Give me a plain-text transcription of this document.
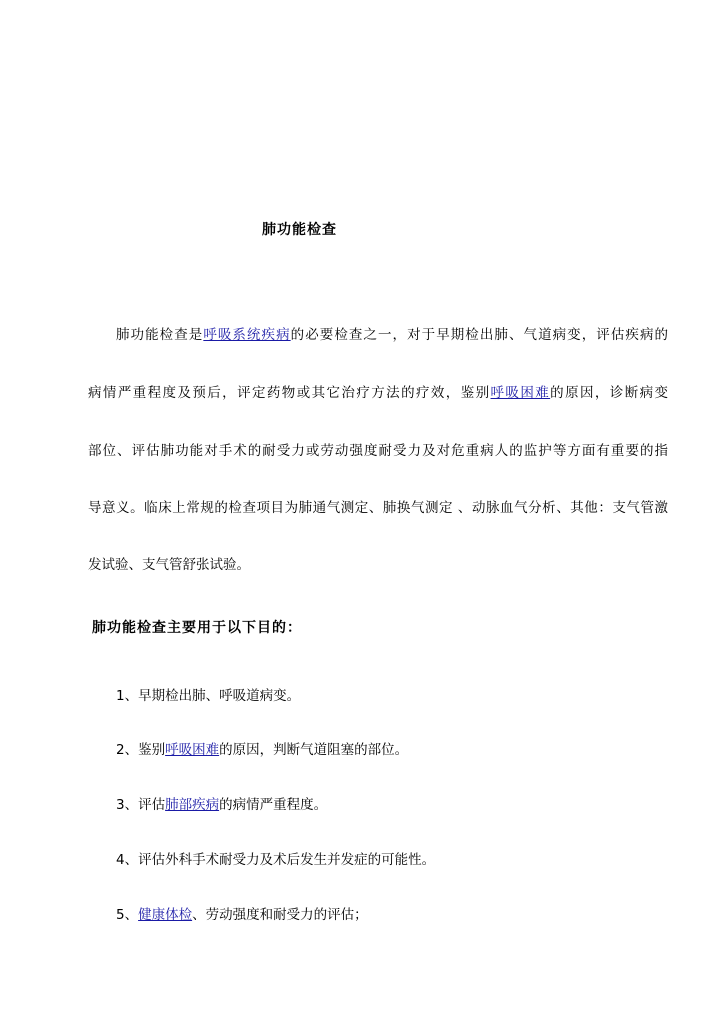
肺功能检查
肺功能检查是呼吸系统疾病的必要检查之一，对于早期检出肺、气道病变，评估疾病的
病情严重程度及预后，评定药物或其它治疗方法的疗效，鉴别呼吸困难的原因，诊断病变
部位、评估肺功能对手术的耐受力或劳动强度耐受力及对危重病人的监护等方面有重要的指
导意义。临床上常规的检查项目为肺通气测定、肺换气测定 、动脉血气分析、其他：支气管激
发试验、支气管舒张试验。
肺功能检查主要用于以下目的：
1、早期检出肺、呼吸道病变。
2、鉴别呼吸困难的原因，判断气道阻塞的部位。
3、评估肺部疾病的病情严重程度。
4、评估外科手术耐受力及术后发生并发症的可能性。
5、健康体检、劳动强度和耐受力的评估；
